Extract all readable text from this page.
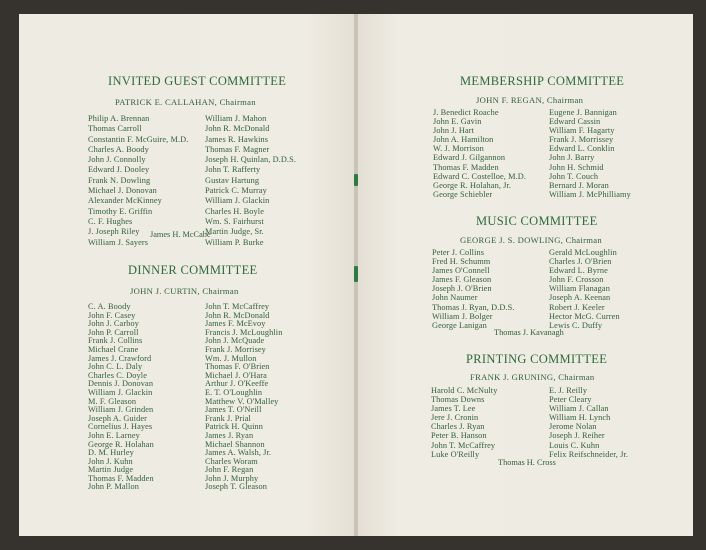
INVITED GUEST COMMITTEE
PATRICK E. CALLAHAN, Chairman
Philip A. Brennan
Thomas Carroll
Constantin F. McGuire, M.D.
Charles A. Boody
John J. Connolly
Edward J. Dooley
Frank N. Dowling
Michael J. Donovan
Alexander McKinney
Timothy E. Griffin
C. F. Hughes
J. Joseph Riley
William J. Sayers
William J. Mahon
John R. McDonald
James R. Hawkins
Thomas F. Magner
Joseph H. Quinlan, D.D.S.
John T. Rafferty
Gustav Hartung
Patrick C. Murray
William J. Glackin
Charles H. Boyle
Wm. S. Fairhurst
Martin Judge, Sr.
William P. Burke
James H. McCabe
DINNER COMMITTEE
JOHN J. CURTIN, Chairman
C. A. Boody
John F. Casey
John J. Carboy
John P. Carroll
Frank J. Collins
Michael Crane
James J. Crawford
John C. L. Daly
Charles C. Doyle
Dennis J. Donovan
William J. Glackin
M. F. Gleason
William J. Grinden
Joseph A. Guider
Cornelius J. Hayes
John E. Larney
George R. Holahan
D. M. Hurley
John J. Kuhn
Martin Judge
Thomas F. Madden
John P. Mallon
John T. McCaffrey
John R. McDonald
James F. McEvoy
Francis J. McLoughlin
John J. McQuade
Frank J. Morrisey
Wm. J. Mullon
Thomas F. O'Brien
Michael J. O'Hara
Arthur J. O'Keeffe
E. T. O'Loughlin
Matthew V. O'Malley
James T. O'Neill
Frank J. Prial
Patrick H. Quinn
James J. Ryan
Michael Shannon
James A. Walsh, Jr.
Charles Woram
John F. Regan
John J. Murphy
Joseph T. Gleason
MEMBERSHIP COMMITTEE
JOHN F. REGAN, Chairman
J. Benedict Roache
John E. Gavin
John J. Hart
John A. Hamilton
W. J. Morrison
Edward J. Gilgannon
Thomas F. Madden
Edward C. Costelloe, M.D.
George R. Holahan, Jr.
George Schiebler
Eugene J. Bannigan
Edward Cassin
William F. Hagarty
Frank J. Morrissey
Edward L. Conklin
John J. Barry
John H. Schmid
John T. Couch
Bernard J. Moran
William J. McPhilliamy
MUSIC COMMITTEE
GEORGE J. S. DOWLING, Chairman
Peter J. Collins
Fred H. Schumm
James O'Connell
James F. Gleason
Joseph J. O'Brien
John Naumer
Thomas J. Ryan, D.D.S.
William J. Bolger
George Lanigan
Gerald McLoughlin
Charles J. O'Brien
Edward L. Byrne
John F. Crosson
William Flanagan
Joseph A. Keenan
Robert J. Keeler
Hector McG. Curren
Lewis C. Duffy
Thomas J. Kavanagh
PRINTING COMMITTEE
FRANK J. GRUNING, Chairman
Harold C. McNulty
Thomas Downs
James T. Lee
Jere J. Cronin
Charles J. Ryan
Peter B. Hanson
John T. McCaffrey
Luke O'Reilly
E. J. Reilly
Peter Cleary
William J. Callan
William H. Lynch
Jerome Nolan
Joseph J. Reiher
Louis C. Kuhn
Felix Reifschneider, Jr.
Thomas H. Cross
